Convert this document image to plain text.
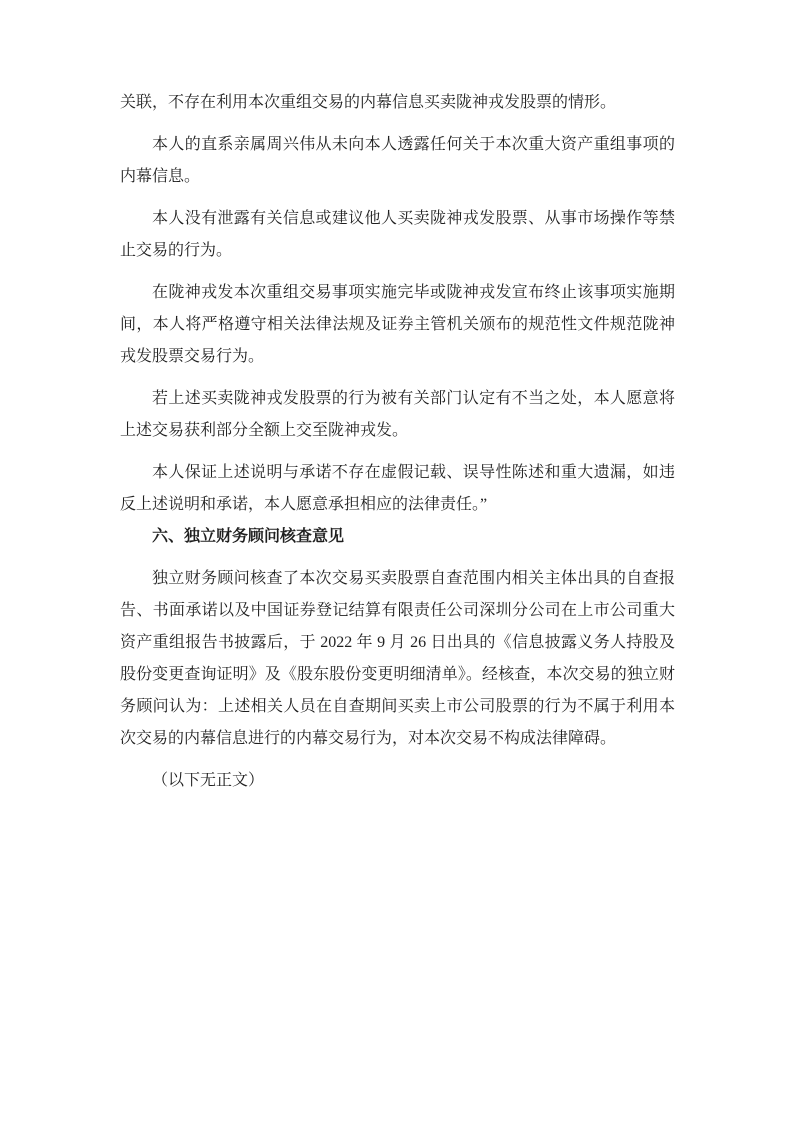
关联，不存在利用本次重组交易的内幕信息买卖陇神戎发股票的情形。

本人的直系亲属周兴伟从未向本人透露任何关于本次重大资产重组事项的内幕信息。

本人没有泄露有关信息或建议他人买卖陇神戎发股票、从事市场操作等禁止交易的行为。

在陇神戎发本次重组交易事项实施完毕或陇神戎发宣布终止该事项实施期间，本人将严格遵守相关法律法规及证券主管机关颁布的规范性文件规范陇神戎发股票交易行为。

若上述买卖陇神戎发股票的行为被有关部门认定有不当之处，本人愿意将上述交易获利部分全额上交至陇神戎发。

本人保证上述说明与承诺不存在虚假记载、误导性陈述和重大遗漏，如违反上述说明和承诺，本人愿意承担相应的法律责任。”

六、独立财务顾问核查意见

独立财务顾问核查了本次交易买卖股票自查范围内相关主体出具的自查报告、书面承诺以及中国证券登记结算有限责任公司深圳分公司在上市公司重大资产重组报告书披露后，于 2022 年 9 月 26 日出具的《信息披露义务人持股及股份变更查询证明》及《股东股份变更明细清单》。经核查，本次交易的独立财务顾问认为：上述相关人员在自查期间买卖上市公司股票的行为不属于利用本次交易的内幕信息进行的内幕交易行为，对本次交易不构成法律障碍。

（以下无正文）
